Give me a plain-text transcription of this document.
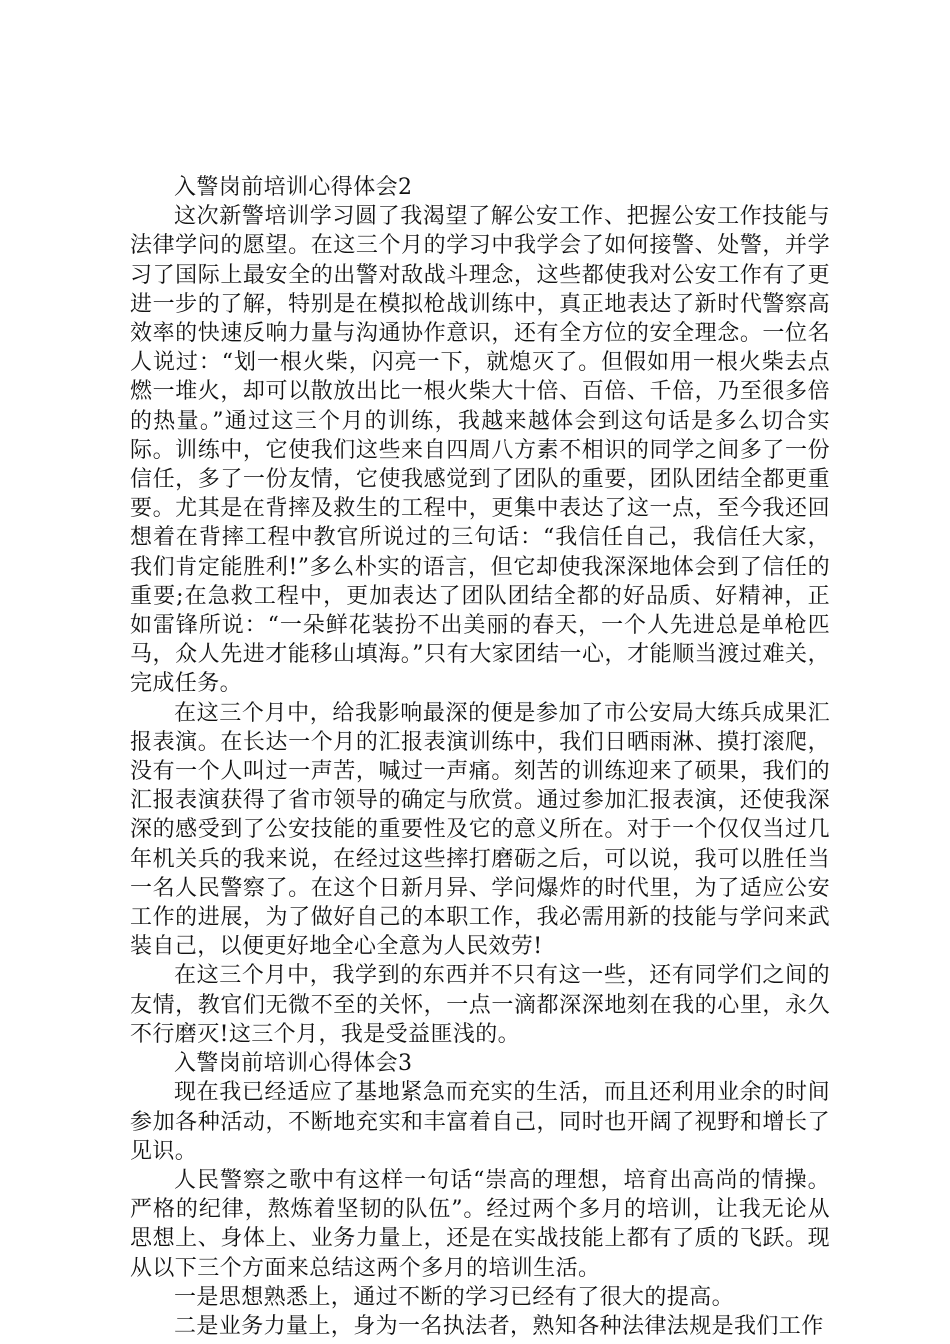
入警岗前培训心得体会2

这次新警培训学习圆了我渴望了解公安工作、把握公安工作技能与法律学问的愿望。在这三个月的学习中我学会了如何接警、处警，并学习了国际上最安全的出警对敌战斗理念，这些都使我对公安工作有了更进一步的了解，特别是在模拟枪战训练中，真正地表达了新时代警察高效率的快速反响力量与沟通协作意识，还有全方位的安全理念。一位名人说过：“划一根火柴，闪亮一下，就熄灭了。但假如用一根火柴去点燃一堆火，却可以散放出比一根火柴大十倍、百倍、千倍，乃至很多倍的热量。”通过这三个月的训练，我越来越体会到这句话是多么切合实际。训练中，它使我们这些来自四周八方素不相识的同学之间多了一份信任，多了一份友情，它使我感觉到了团队的重要，团队团结全都更重要。尤其是在背摔及救生的工程中，更集中表达了这一点，至今我还回想着在背摔工程中教官所说过的三句话：“我信任自己，我信任大家，我们肯定能胜利!”多么朴实的语言，但它却使我深深地体会到了信任的重要;在急救工程中，更加表达了团队团结全都的好品质、好精神，正如雷锋所说：“一朵鲜花装扮不出美丽的春天，一个人先进总是单枪匹马，众人先进才能移山填海。”只有大家团结一心，才能顺当渡过难关，完成任务。

在这三个月中，给我影响最深的便是参加了市公安局大练兵成果汇报表演。在长达一个月的汇报表演训练中，我们日晒雨淋、摸打滚爬，没有一个人叫过一声苦，喊过一声痛。刻苦的训练迎来了硕果，我们的汇报表演获得了省市领导的确定与欣赏。通过参加汇报表演，还使我深深的感受到了公安技能的重要性及它的意义所在。对于一个仅仅当过几年机关兵的我来说，在经过这些摔打磨砺之后，可以说，我可以胜任当一名人民警察了。在这个日新月异、学问爆炸的时代里，为了适应公安工作的进展，为了做好自己的本职工作，我必需用新的技能与学问来武装自己，以便更好地全心全意为人民效劳!

在这三个月中，我学到的东西并不只有这一些，还有同学们之间的友情，教官们无微不至的关怀，一点一滴都深深地刻在我的心里，永久不行磨灭!这三个月，我是受益匪浅的。

入警岗前培训心得体会3

现在我已经适应了基地紧急而充实的生活，而且还利用业余的时间参加各种活动，不断地充实和丰富着自己，同时也开阔了视野和增长了见识。

人民警察之歌中有这样一句话“崇高的理想，培育出高尚的情操。严格的纪律，熬炼着坚韧的队伍”。经过两个多月的培训，让我无论从思想上、身体上、业务力量上，还是在实战技能上都有了质的飞跃。现从以下三个方面来总结这两个多月的培训生活。

一是思想熟悉上，通过不断的学习已经有了很大的提高。

二是业务力量上，身为一名执法者，熟知各种法律法规是我们工作
